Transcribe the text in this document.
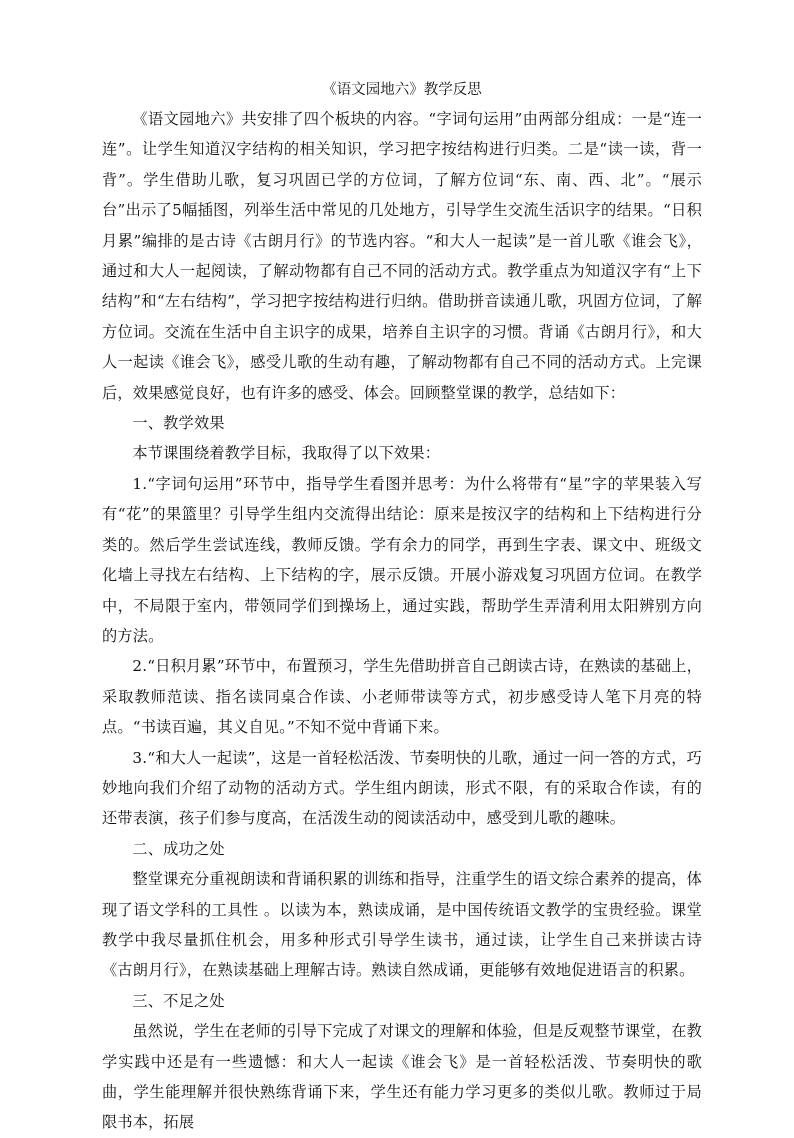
《语文园地六》教学反思

《语文园地六》共安排了四个板块的内容。“字词句运用”由两部分组成：一是“连一连”。让学生知道汉字结构的相关知识，学习把字按结构进行归类。二是“读一读，背一背”。学生借助儿歌，复习巩固已学的方位词，了解方位词“东、南、西、北”。“展示台”出示了5幅插图，列举生活中常见的几处地方，引导学生交流生活识字的结果。“日积月累”编排的是古诗《古朗月行》的节选内容。“和大人一起读”是一首儿歌《谁会飞》，通过和大人一起阅读，了解动物都有自己不同的活动方式。教学重点为知道汉字有“上下结构”和“左右结构”，学习把字按结构进行归纳。借助拼音读通儿歌，巩固方位词，了解方位词。交流在生活中自主识字的成果，培养自主识字的习惯。背诵《古朗月行》，和大人一起读《谁会飞》，感受儿歌的生动有趣，了解动物都有自己不同的活动方式。上完课后，效果感觉良好，也有许多的感受、体会。回顾整堂课的教学，总结如下：

一、教学效果

本节课围绕着教学目标，我取得了以下效果：

1.“字词句运用”环节中，指导学生看图并思考：为什么将带有“星”字的苹果装入写有“花”的果篮里？引导学生组内交流得出结论：原来是按汉字的结构和上下结构进行分类的。然后学生尝试连线，教师反馈。学有余力的同学，再到生字表、课文中、班级文化墙上寻找左右结构、上下结构的字，展示反馈。开展小游戏复习巩固方位词。在教学中，不局限于室内，带领同学们到操场上，通过实践，帮助学生弄清利用太阳辨别方向的方法。

2.“日积月累”环节中，布置预习，学生先借助拼音自己朗读古诗，在熟读的基础上，采取教师范读、指名读同桌合作读、小老师带读等方式，初步感受诗人笔下月亮的特点。“书读百遍，其义自见。”不知不觉中背诵下来。

3.“和大人一起读”，这是一首轻松活泼、节奏明快的儿歌，通过一问一答的方式，巧妙地向我们介绍了动物的活动方式。学生组内朗读，形式不限，有的采取合作读，有的还带表演，孩子们参与度高，在活泼生动的阅读活动中，感受到儿歌的趣味。

二、成功之处

整堂课充分重视朗读和背诵积累的训练和指导，注重学生的语文综合素养的提高，体现了语文学科的工具性 。以读为本，熟读成诵，是中国传统语文教学的宝贵经验。课堂教学中我尽量抓住机会，用多种形式引导学生读书，通过读，让学生自己来拼读古诗《古朗月行》，在熟读基础上理解古诗。熟读自然成诵，更能够有效地促进语言的积累。

三、不足之处

虽然说，学生在老师的引导下完成了对课文的理解和体验，但是反观整节课堂，在教学实践中还是有一些遗憾：和大人一起读《谁会飞》是一首轻松活泼、节奏明快的歌曲，学生能理解并很快熟练背诵下来，学生还有能力学习更多的类似儿歌。教师过于局限书本，拓展
